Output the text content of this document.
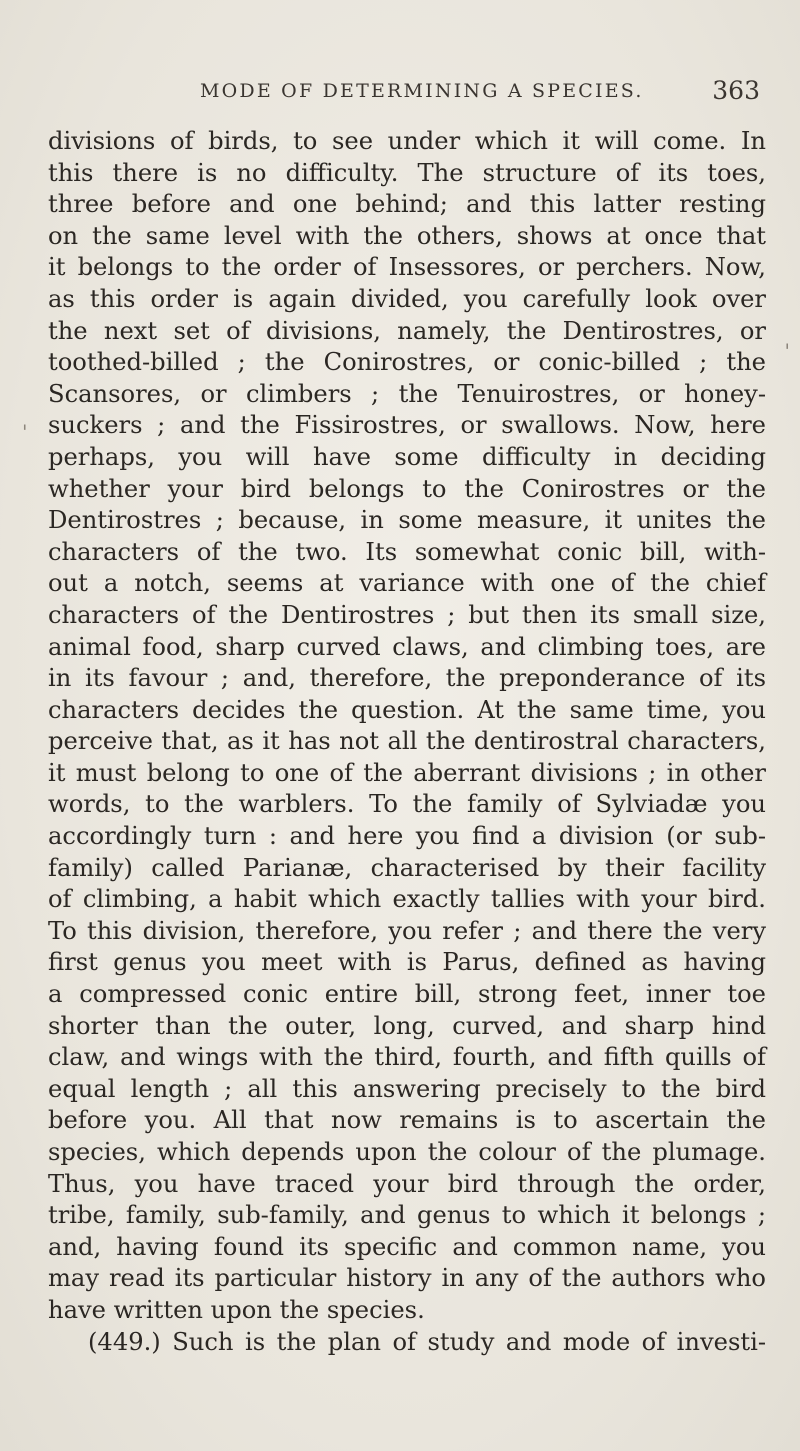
MODE OF DETERMINING A SPECIES.	363
'
'
divisions of birds, to see under which it will come. In
this there is no difficulty. The structure of its toes,
three before and one behind; and this latter resting
on the same level with the others, shows at once that
it belongs to the order of Insessores, or perchers. Now,
as this order is again divided, you carefully look over
the next set of divisions, namely, the Dentirostres, or
toothed-billed ; the Conirostres, or conic-billed ; the
Scansores, or climbers ; the Tenuirostres, or honey-
suckers ; and the Fissirostres, or swallows. Now, here
perhaps, you will have some difficulty in deciding
whether your bird belongs to the Conirostres or the
Dentirostres ; because, in some measure, it unites the
characters of the two. Its somewhat conic bill, with-
out a notch, seems at variance with one of the chief
characters of the Dentirostres ; but then its small size,
animal food, sharp curved claws, and climbing toes, are
in its favour ; and, therefore, the preponderance of its
characters decides the question. At the same time, you
perceive that, as it has not all the dentirostral characters,
it must belong to one of the aberrant divisions ; in other
words, to the warblers. To the family of Sylviadæ you
accordingly turn : and here you find a division (or sub-
family) called Parianæ, characterised by their facility
of climbing, a habit which exactly tallies with your bird.
To this division, therefore, you refer ; and there the very
first genus you meet with is Parus, defined as having
a compressed conic entire bill, strong feet, inner toe
shorter than the outer, long, curved, and sharp hind
claw, and wings with the third, fourth, and fifth quills of
equal length ; all this answering precisely to the bird
before you. All that now remains is to ascertain the
species, which depends upon the colour of the plumage.
Thus, you have traced your bird through the order,
tribe, family, sub-family, and genus to which it belongs ;
and, having found its specific and common name, you
may read its particular history in any of the authors who
have written upon the species.
(449.) Such is the plan of study and mode of investi-
